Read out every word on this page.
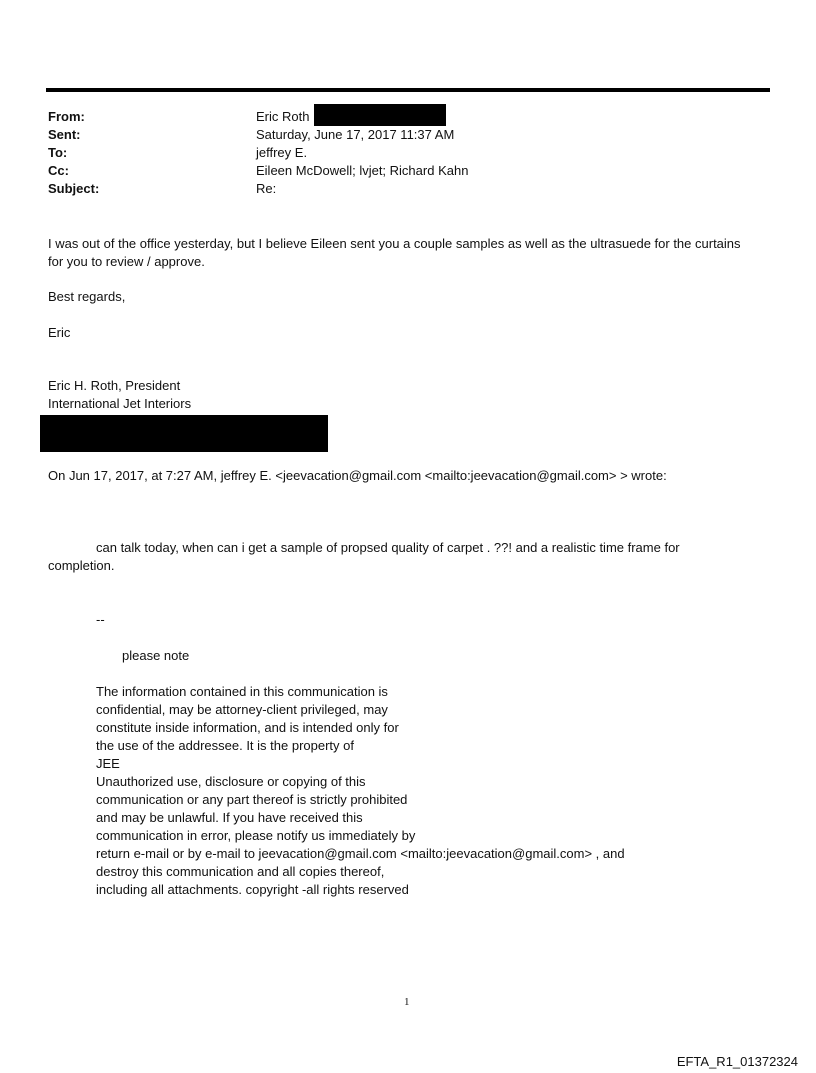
From:	Eric Roth
Sent:	Saturday, June 17, 2017 11:37 AM
To:	jeffrey E.
Cc:	Eileen McDowell; lvjet; Richard Kahn
Subject:	Re:
I was out of the office yesterday, but I believe Eileen sent you a couple samples as well as the ultrasuede for the curtains
for you to review / approve.
Best regards,
Eric
Eric H. Roth, President
International Jet Interiors
On Jun 17, 2017, at 7:27 AM, jeffrey E. <jeevacation@gmail.com <mailto:jeevacation@gmail.com> > wrote:
can talk today, when can i get a sample of propsed quality of carpet . ??! and a realistic time frame for
completion.
--
please note
The information contained in this communication is
confidential, may be attorney-client privileged, may
constitute inside information, and is intended only for
the use of the addressee. It is the property of
JEE
Unauthorized use, disclosure or copying of this
communication or any part thereof is strictly prohibited
and may be unlawful. If you have received this
communication in error, please notify us immediately by
return e-mail or by e-mail to jeevacation@gmail.com <mailto:jeevacation@gmail.com> , and
destroy this communication and all copies thereof,
including all attachments. copyright -all rights reserved
1
EFTA_R1_01372324
